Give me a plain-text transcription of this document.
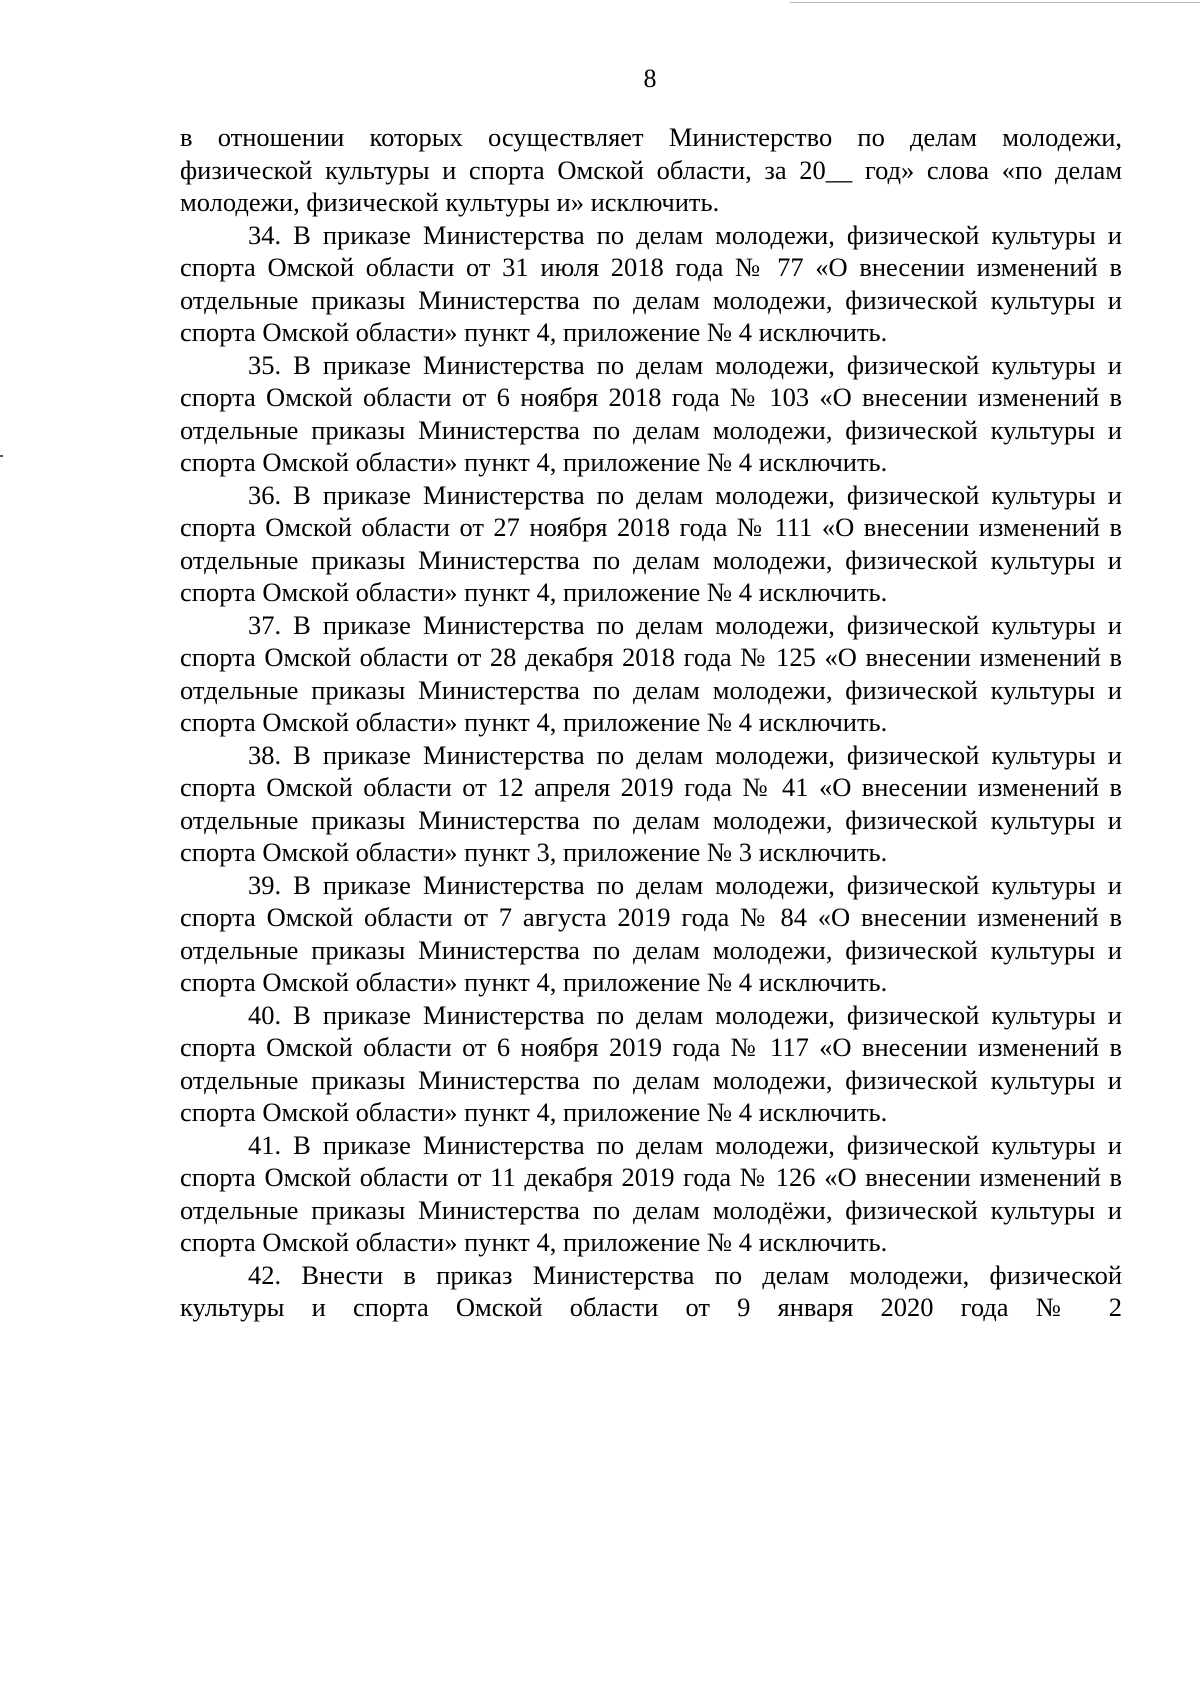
8

в отношении которых осуществляет Министерство по делам молодежи, физической культуры и спорта Омской области, за 20__ год» слова «по делам молодежи, физической культуры и» исключить.

34. В приказе Министерства по делам молодежи, физической культуры и спорта Омской области от 31 июля 2018 года № 77 «О внесении изменений в отдельные приказы Министерства по делам молодежи, физической культуры и спорта Омской области» пункт 4, приложение № 4 исключить.

35. В приказе Министерства по делам молодежи, физической культуры и спорта Омской области от 6 ноября 2018 года № 103 «О внесении изменений в отдельные приказы Министерства по делам молодежи, физической культуры и спорта Омской области» пункт 4, приложение № 4 исключить.

36. В приказе Министерства по делам молодежи, физической культуры и спорта Омской области от 27 ноября 2018 года № 111 «О внесении изменений в отдельные приказы Министерства по делам молодежи, физической культуры и спорта Омской области» пункт 4, приложение № 4 исключить.

37. В приказе Министерства по делам молодежи, физической культуры и спорта Омской области от 28 декабря 2018 года № 125 «О внесении изменений в отдельные приказы Министерства по делам молодежи, физической культуры и спорта Омской области» пункт 4, приложение № 4 исключить.

38. В приказе Министерства по делам молодежи, физической культуры и спорта Омской области от 12 апреля 2019 года № 41 «О внесении изменений в отдельные приказы Министерства по делам молодежи, физической культуры и спорта Омской области» пункт 3, приложение № 3 исключить.

39. В приказе Министерства по делам молодежи, физической культуры и спорта Омской области от 7 августа 2019 года № 84 «О внесении изменений в отдельные приказы Министерства по делам молодежи, физической культуры и спорта Омской области» пункт 4, приложение № 4 исключить.

40. В приказе Министерства по делам молодежи, физической культуры и спорта Омской области от 6 ноября 2019 года № 117 «О внесении изменений в отдельные приказы Министерства по делам молодежи, физической культуры и спорта Омской области» пункт 4, приложение № 4 исключить.

41. В приказе Министерства по делам молодежи, физической культуры и спорта Омской области от 11 декабря 2019 года № 126 «О внесении изменений в отдельные приказы Министерства по делам молодёжи, физической культуры и спорта Омской области» пункт 4, приложение № 4 исключить.

42. Внести в приказ Министерства по делам молодежи, физической культуры и спорта Омской области от 9 января 2020 года № 2
